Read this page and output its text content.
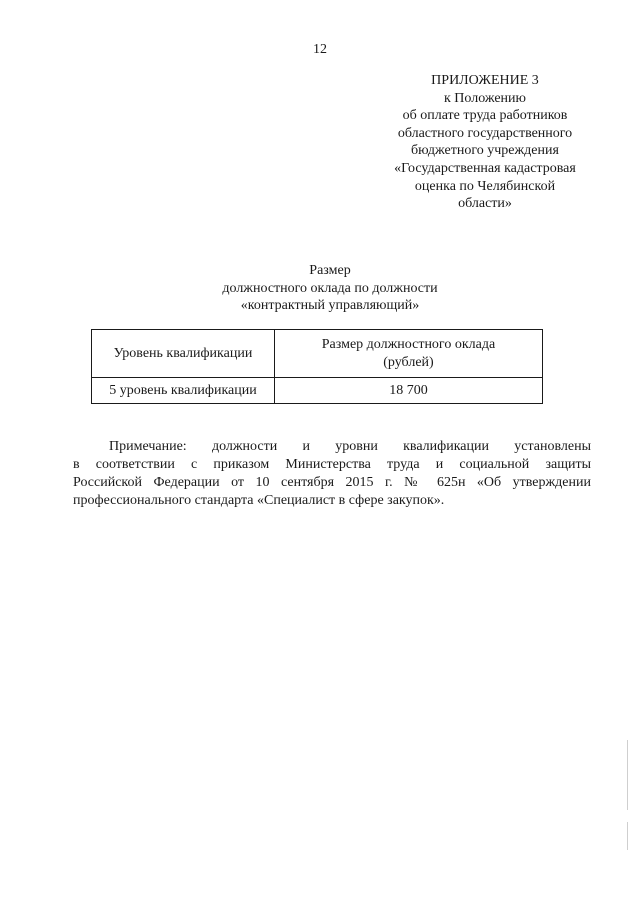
12
ПРИЛОЖЕНИЕ 3
к Положению
об оплате труда работников
областного государственного
бюджетного учреждения
«Государственная кадастровая
оценка по Челябинской
области»
Размер
должностного оклада по должности
«контрактный управляющий»
Уровень квалификации	Размер должностного оклада
(рублей)

5 уровень квалификации	18 700
Примечание: должности и уровни квалификации установлены
в соответствии с приказом Министерства труда и социальной защиты
Российской Федерации от 10 сентября 2015 г. № 625н «Об утверждении
профессионального стандарта «Специалист в сфере закупок».
